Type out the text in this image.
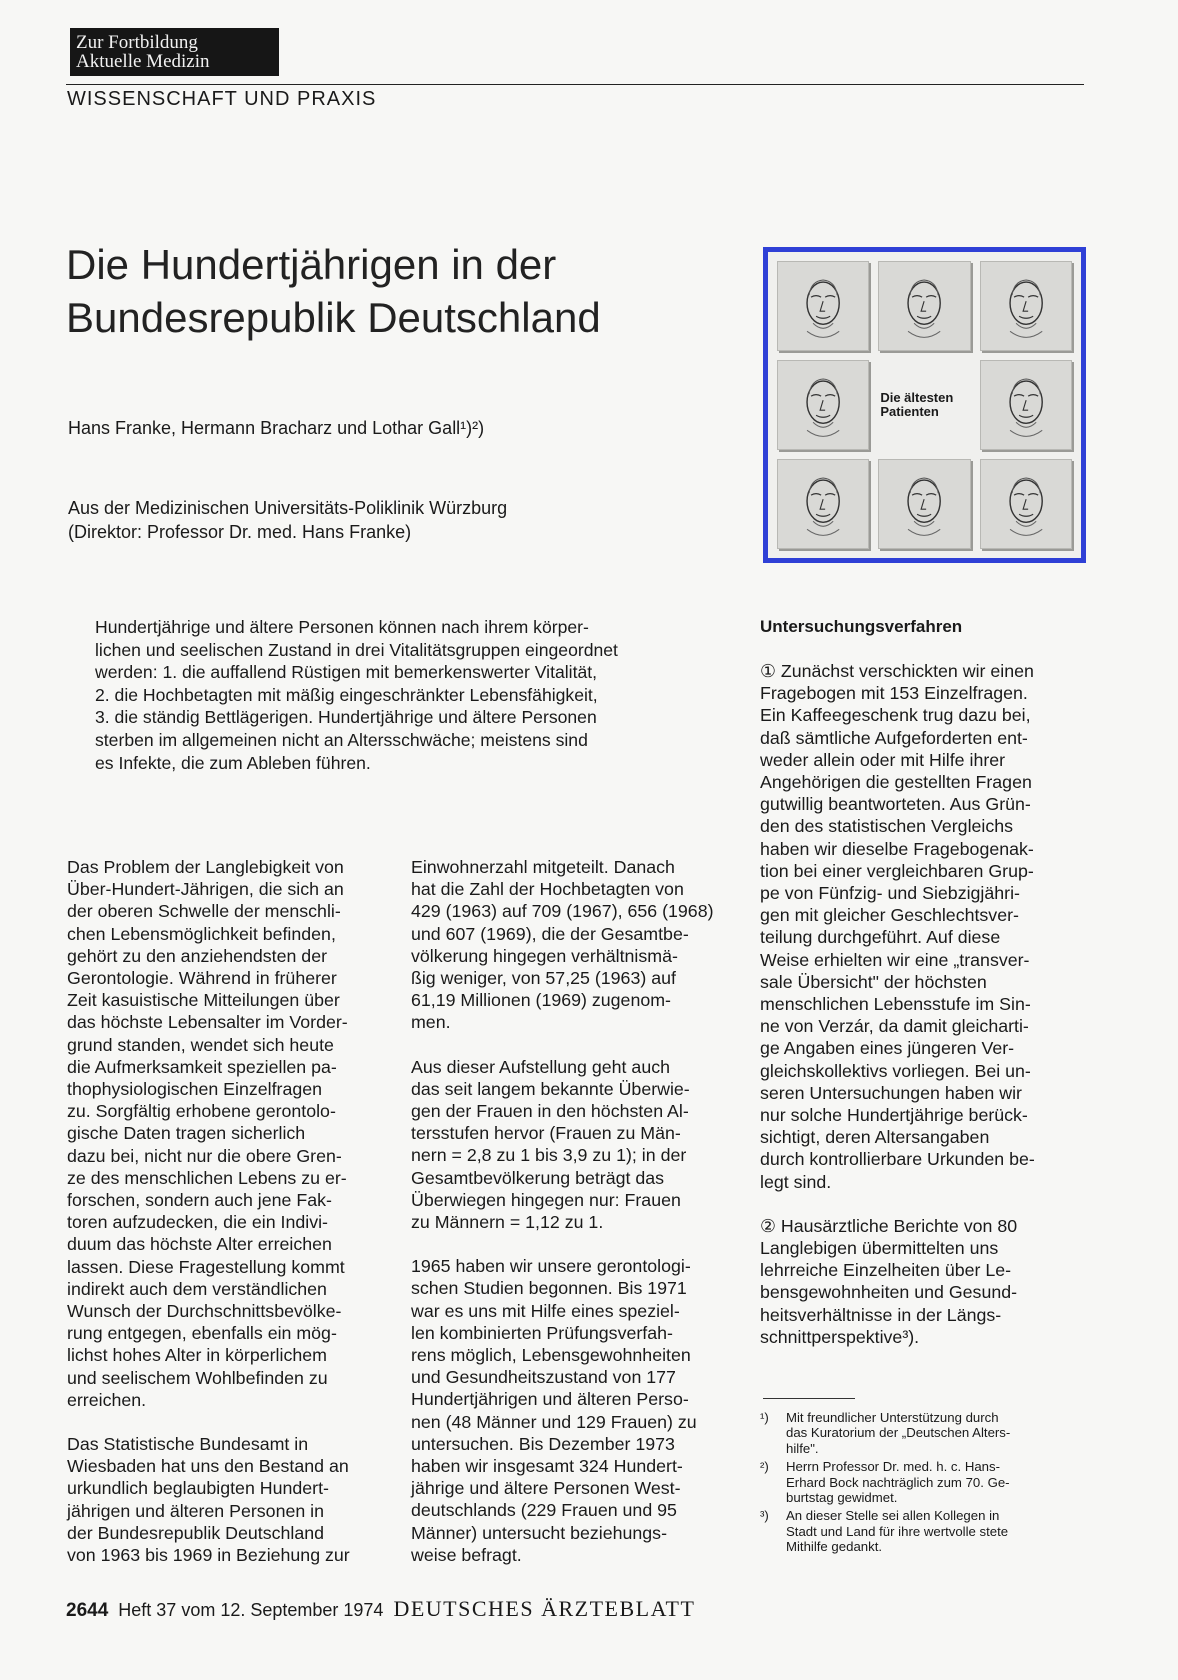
Zur Fortbildung
Aktuelle Medizin
WISSENSCHAFT UND PRAXIS
Die Hundertjährigen in der
Bundesrepublik Deutschland
Hans Franke, Hermann Bracharz und Lothar Gall¹)²)
Aus der Medizinischen Universitäts-Poliklinik Würzburg
(Direktor: Professor Dr. med. Hans Franke)
Die ältesten
Patienten
Hundertjährige und ältere Personen können nach ihrem körper-
lichen und seelischen Zustand in drei Vitalitätsgruppen eingeordnet
werden: 1. die auffallend Rüstigen mit bemerkenswerter Vitalität,
2. die Hochbetagten mit mäßig eingeschränkter Lebensfähigkeit,
3. die ständig Bettlägerigen. Hundertjährige und ältere Personen
sterben im allgemeinen nicht an Altersschwäche; meistens sind
es Infekte, die zum Ableben führen.

Das Problem der Langlebigkeit von
Über-Hundert-Jährigen, die sich an
der oberen Schwelle der menschli-
chen Lebensmöglichkeit befinden,
gehört zu den anziehendsten der
Gerontologie. Während in früherer
Zeit kasuistische Mitteilungen über
das höchste Lebensalter im Vorder-
grund standen, wendet sich heute
die Aufmerksamkeit speziellen pa-
thophysiologischen Einzelfragen
zu. Sorgfältig erhobene gerontolo-
gische Daten tragen sicherlich
dazu bei, nicht nur die obere Gren-
ze des menschlichen Lebens zu er-
forschen, sondern auch jene Fak-
toren aufzudecken, die ein Indivi-
duum das höchste Alter erreichen
lassen. Diese Fragestellung kommt
indirekt auch dem verständlichen
Wunsch der Durchschnittsbevölke-
rung entgegen, ebenfalls ein mög-
lichst hohes Alter in körperlichem
und seelischem Wohlbefinden zu
erreichen.

Das Statistische Bundesamt in
Wiesbaden hat uns den Bestand an
urkundlich beglaubigten Hundert-
jährigen und älteren Personen in
der Bundesrepublik Deutschland
von 1963 bis 1969 in Beziehung zur

Einwohnerzahl mitgeteilt. Danach
hat die Zahl der Hochbetagten von
429 (1963) auf 709 (1967), 656 (1968)
und 607 (1969), die der Gesamtbe-
völkerung hingegen verhältnismä-
ßig weniger, von 57,25 (1963) auf
61,19 Millionen (1969) zugenom-
men.

Aus dieser Aufstellung geht auch
das seit langem bekannte Überwie-
gen der Frauen in den höchsten Al-
tersstufen hervor (Frauen zu Män-
nern = 2,8 zu 1 bis 3,9 zu 1); in der
Gesamtbevölkerung beträgt das
Überwiegen hingegen nur: Frauen
zu Männern = 1,12 zu 1.

1965 haben wir unsere gerontologi-
schen Studien begonnen. Bis 1971
war es uns mit Hilfe eines speziel-
len kombinierten Prüfungsverfah-
rens möglich, Lebensgewohnheiten
und Gesundheitszustand von 177
Hundertjährigen und älteren Perso-
nen (48 Männer und 129 Frauen) zu
untersuchen. Bis Dezember 1973
haben wir insgesamt 324 Hundert-
jährige und ältere Personen West-
deutschlands (229 Frauen und 95
Männer) untersucht beziehungs-
weise befragt.

Untersuchungsverfahren

① Zunächst verschickten wir einen
Fragebogen mit 153 Einzelfragen.
Ein Kaffeegeschenk trug dazu bei,
daß sämtliche Aufgeforderten ent-
weder allein oder mit Hilfe ihrer
Angehörigen die gestellten Fragen
gutwillig beantworteten. Aus Grün-
den des statistischen Vergleichs
haben wir dieselbe Fragebogenak-
tion bei einer vergleichbaren Grup-
pe von Fünfzig- und Siebzigjähri-
gen mit gleicher Geschlechtsver-
teilung durchgeführt. Auf diese
Weise erhielten wir eine „transver-
sale Übersicht" der höchsten
menschlichen Lebensstufe im Sin-
ne von Verzár, da damit gleicharti-
ge Angaben eines jüngeren Ver-
gleichskollektivs vorliegen. Bei un-
seren Untersuchungen haben wir
nur solche Hundertjährige berück-
sichtigt, deren Altersangaben
durch kontrollierbare Urkunden be-
legt sind.

② Hausärztliche Berichte von 80
Langlebigen übermittelten uns
lehrreiche Einzelheiten über Le-
bensgewohnheiten und Gesund-
heitsverhältnisse in der Längs-
schnittperspektive³).

¹)	Mit freundlicher Unterstützung durch
das Kuratorium der „Deutschen Alters-
hilfe".
²)	Herrn Professor Dr. med. h. c. Hans-
Erhard Bock nachträglich zum 70. Ge-
burtstag gewidmet.
³)	An dieser Stelle sei allen Kollegen in
Stadt und Land für ihre wertvolle stete
Mithilfe gedankt.
2644 Heft 37 vom 12. September 1974 DEUTSCHES ÄRZTEBLATT
